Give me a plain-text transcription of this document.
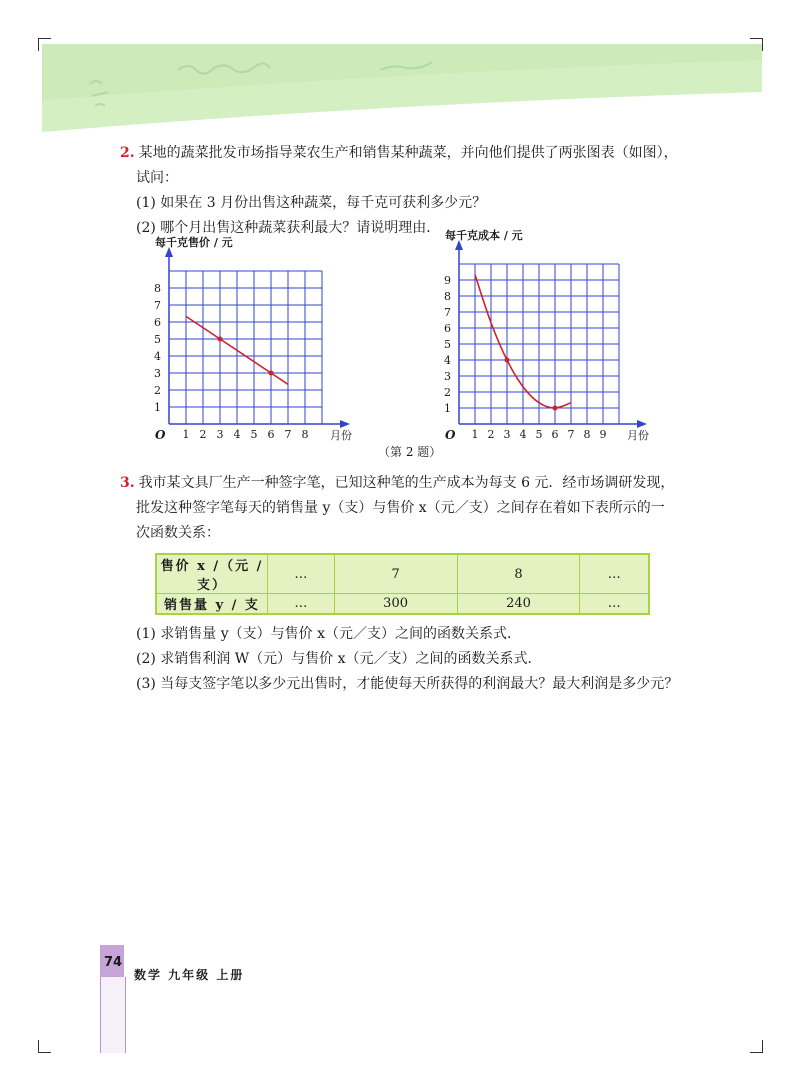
2. 某地的蔬菜批发市场指导菜农生产和销售某种蔬菜，并向他们提供了两张图表（如图），
试问：
(1) 如果在 3 月份出售这种蔬菜，每千克可获利多少元？
(2) 哪个月出售这种蔬菜获利最大？请说明理由．
1 2 3 4 5 6 7 8
1
2
3
4
5
6
7
8
O	月份
每千克售价 / 元
1 2 3 4 5 6 7 8 9
1
2
3
4
5
6
7
8
9
O	月份
每千克成本 / 元
（第 2 题）
3. 我市某文具厂生产一种签字笔，已知这种笔的生产成本为每支 6 元．经市场调研发现，
批发这种签字笔每天的销售量 y（支）与售价 x（元／支）之间存在着如下表所示的一
次函数关系：
售价 x /（元 / 支）	…	7	8	…
销售量 y / 支	…	300	240	…
(1) 求销售量 y（支）与售价 x（元／支）之间的函数关系式．
(2) 求销售利润 W（元）与售价 x（元／支）之间的函数关系式．
(3) 当每支签字笔以多少元出售时，才能使每天所获得的利润最大？最大利润是多少元？
74
数学 九年级 上册
